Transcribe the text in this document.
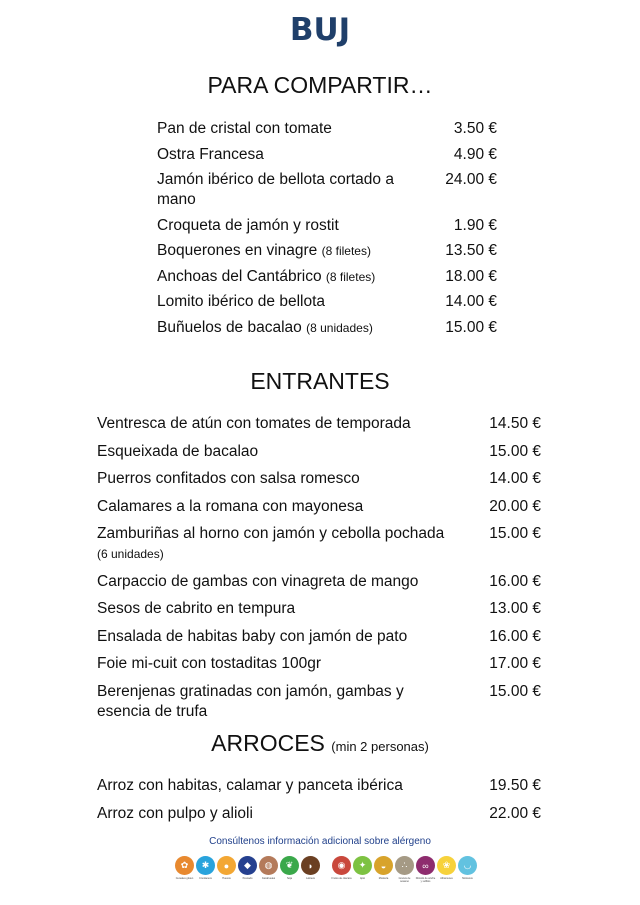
BUJ
PARA COMPARTIR…
Pan de cristal con tomate	3.50 €
Ostra Francesa	4.90 €
Jamón ibérico de bellota cortado a mano
24.00 €
Croqueta de jamón y rostit	1.90 €
Boquerones en vinagre (8 filetes)	13.50 €
Anchoas del Cantábrico (8 filetes)	18.00 €
Lomito ibérico de bellota	14.00 €
Buñuelos de bacalao (8 unidades)	15.00 €
ENTRANTES
Ventresca de atún con tomates de temporada	14.50 €
Esqueixada de bacalao	15.00 €
Puerros confitados con salsa romesco	14.00 €
Calamares a la romana con mayonesa	20.00 €
Zamburiñas al horno con jamón y cebolla pochada (6 unidades)
15.00 €
Carpaccio de gambas con vinagreta de mango	16.00 €
Sesos de cabrito en tempura	13.00 €
Ensalada de habitas baby con jamón de pato	16.00 €
Foie mi-cuit con tostaditas 100gr	17.00 €
Berenjenas gratinadas con jamón, gambas y esencia de trufa
15.00 €
ARROCES (min 2 personas)
Arroz con habitas, calamar y panceta ibérica	19.50 €
Arroz con pulpo y alioli	22.00 €
Consúltenos información adicional sobre alérgeno
✿
Cereales gluten
✱
Crustáceos
●
Huevos
◆
Pescado
◍
Cacahuetes
❦
Soja
◗
Lácteos
◉
Frutos de cáscara
✦
Apio
◒
Mostaza
∴
Granos de sésamo
∞
Dióxido de azufre y sulfitos
❀
Altramuces
◡
Moluscos
